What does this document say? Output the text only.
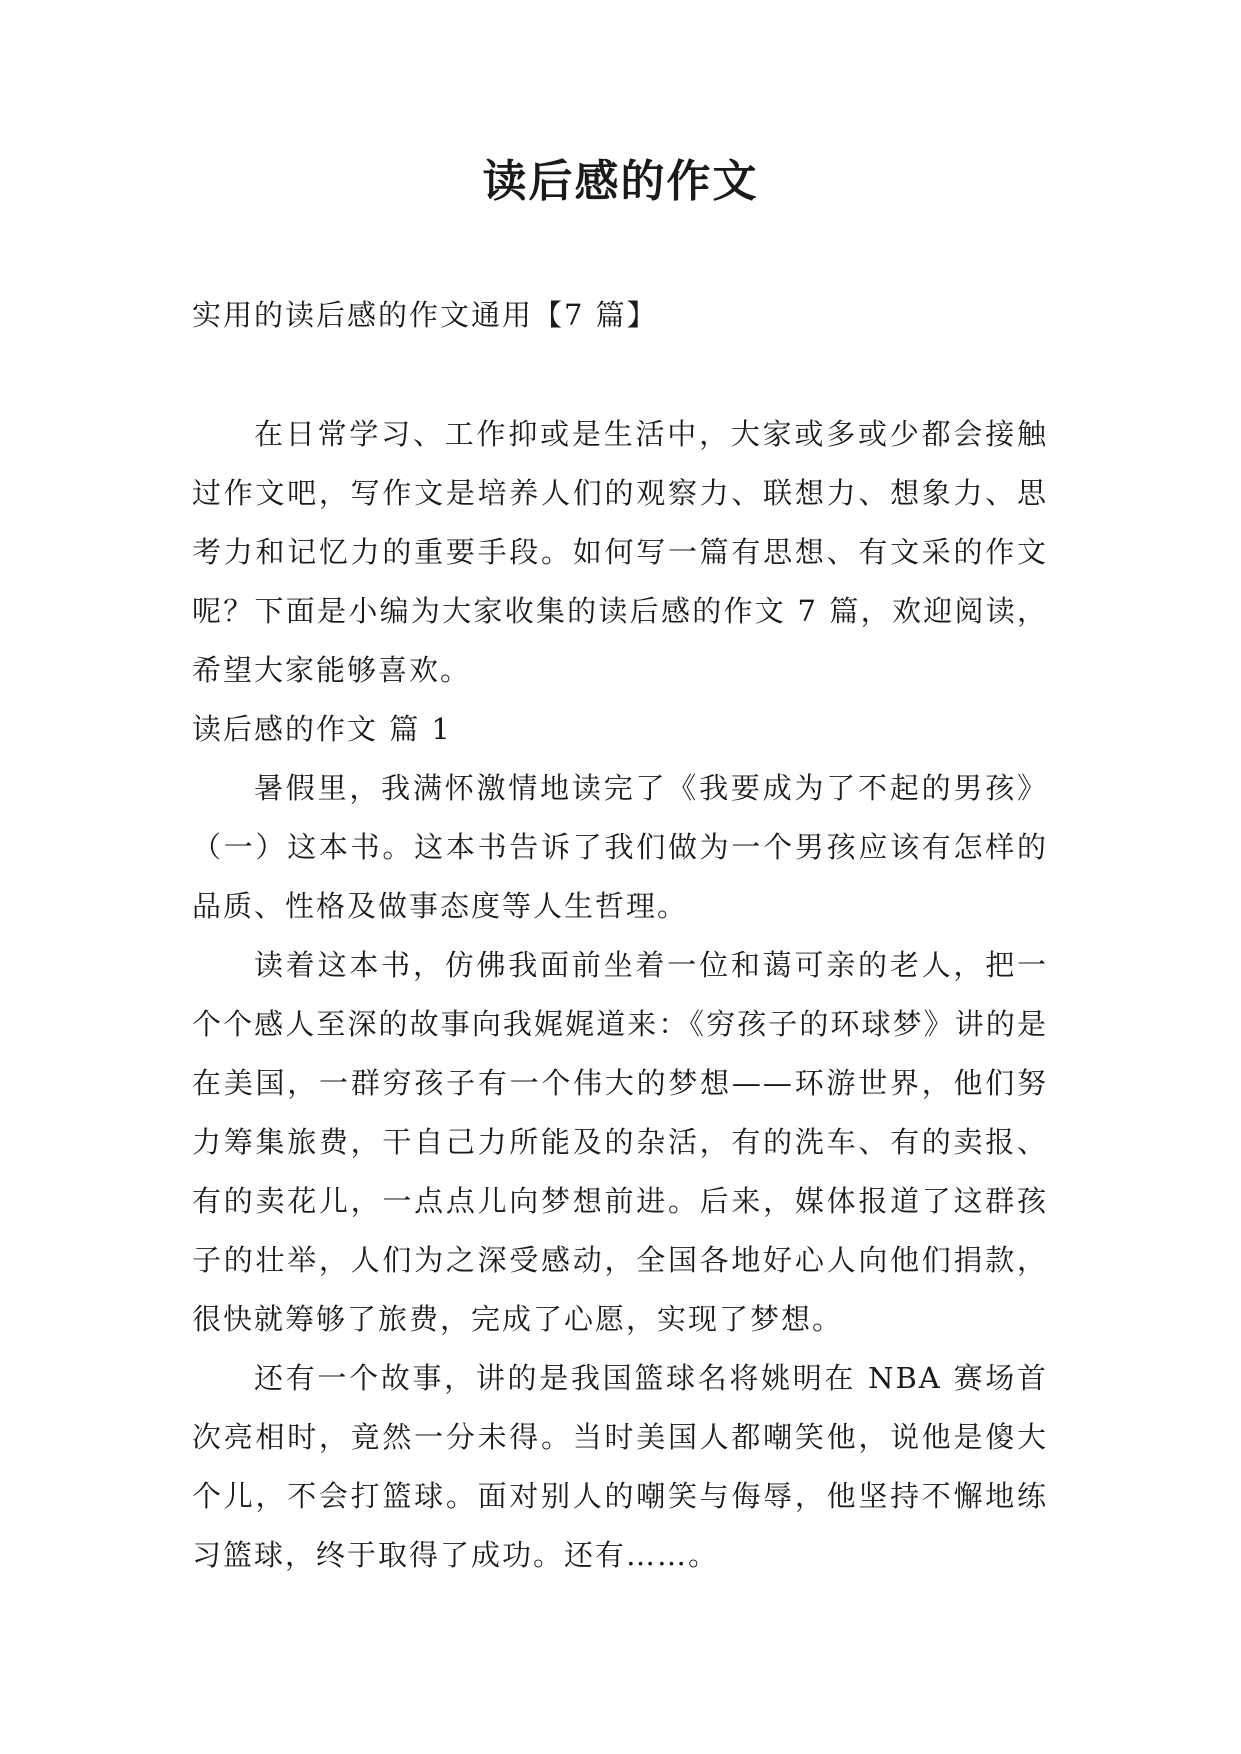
读后感的作文

实用的读后感的作文通用【7 篇】

在日常学习、工作抑或是生活中，大家或多或少都会接触过作文吧，写作文是培养人们的观察力、联想力、想象力、思考力和记忆力的重要手段。如何写一篇有思想、有文采的作文呢？下面是小编为大家收集的读后感的作文 7 篇，欢迎阅读，希望大家能够喜欢。

读后感的作文 篇 1

暑假里，我满怀激情地读完了《我要成为了不起的男孩》（一）这本书。这本书告诉了我们做为一个男孩应该有怎样的品质、性格及做事态度等人生哲理。

读着这本书，仿佛我面前坐着一位和蔼可亲的老人，把一个个感人至深的故事向我娓娓道来：《穷孩子的环球梦》讲的是在美国，一群穷孩子有一个伟大的梦想——环游世界，他们努力筹集旅费，干自己力所能及的杂活，有的洗车、有的卖报、有的卖花儿，一点点儿向梦想前进。后来，媒体报道了这群孩子的壮举，人们为之深受感动，全国各地好心人向他们捐款，很快就筹够了旅费，完成了心愿，实现了梦想。

还有一个故事，讲的是我国篮球名将姚明在 NBA 赛场首次亮相时，竟然一分未得。当时美国人都嘲笑他，说他是傻大个儿，不会打篮球。面对别人的嘲笑与侮辱，他坚持不懈地练习篮球，终于取得了成功。还有……。
